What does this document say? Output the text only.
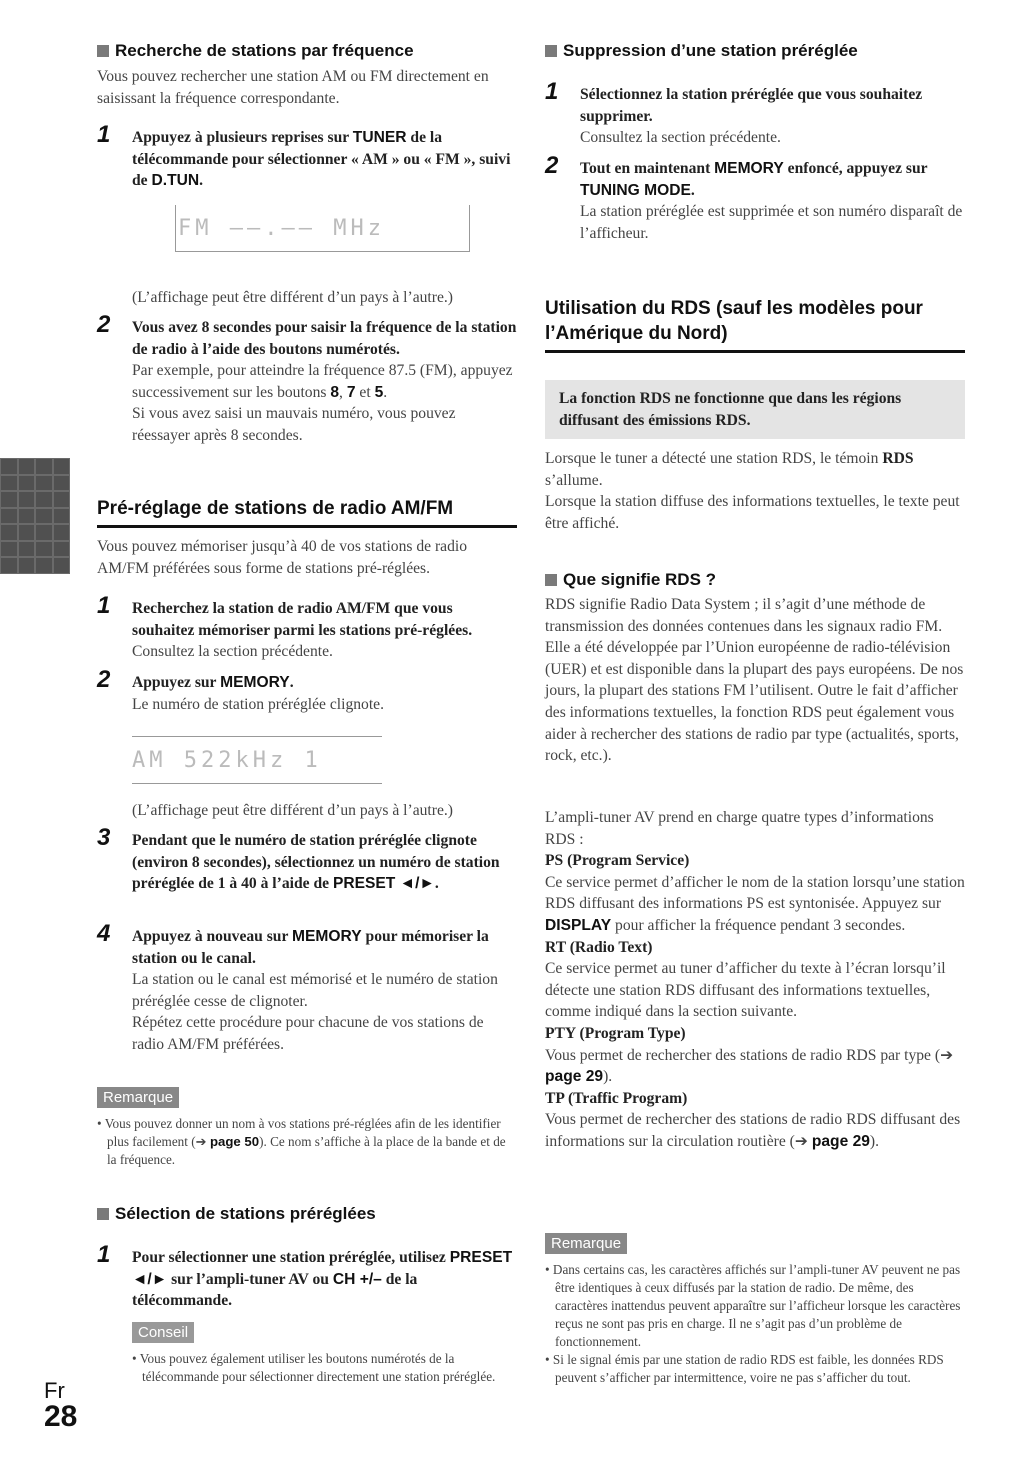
Recherche de stations par fréquence
Vous pouvez rechercher une station AM ou FM directement en saisissant la fréquence correspondante.
1 Appuyez à plusieurs reprises sur TUNER de la télécommande pour sélectionner « AM » ou « FM », suivi de D.TUN.
FM ‒‒.‒‒ MHz
(L’affichage peut être différent d’un pays à l’autre.)
2 Vous avez 8 secondes pour saisir la fréquence de la station de radio à l’aide des boutons numérotés.

Par exemple, pour atteindre la fréquence 87.5 (FM), appuyez successivement sur les boutons 8, 7 et 5.

Si vous avez saisi un mauvais numéro, vous pouvez réessayer après 8 secondes.

Pré-réglage de stations de radio AM/FM
Vous pouvez mémoriser jusqu’à 40 de vos stations de radio AM/FM préférées sous forme de stations pré-réglées.
1 Recherchez la station de radio AM/FM que vous souhaitez mémoriser parmi les stations pré-réglées.

Consultez la section précédente.

2 Appuyez sur MEMORY.

Le numéro de station préréglée clignote.

AM 522kHz 1
(L’affichage peut être différent d’un pays à l’autre.)
3 Pendant que le numéro de station préréglée clignote (environ 8 secondes), sélectionnez un numéro de station préréglée de 1 à 40 à l’aide de PRESET ◄/►.
4 Appuyez à nouveau sur MEMORY pour mémoriser la station ou le canal.

La station ou le canal est mémorisé et le numéro de station préréglée cesse de clignoter.

Répétez cette procédure pour chacune de vos stations de radio AM/FM préférées.

Remarque
• Vous pouvez donner un nom à vos stations pré-réglées afin de les identifier plus facilement (➔ page 50). Ce nom s’affiche à la place de la bande et de la fréquence.
Sélection de stations préréglées
1 Pour sélectionner une station préréglée, utilisez PRESET ◄/► sur l’ampli-tuner AV ou CH +/– de la télécommande.
Conseil
• Vous pouvez également utiliser les boutons numérotés de la télécommande pour sélectionner directement une station préréglée.
Suppression d’une station préréglée
1 Sélectionnez la station préréglée que vous souhaitez supprimer.

Consultez la section précédente.

2 Tout en maintenant MEMORY enfoncé, appuyez sur TUNING MODE.

La station préréglée est supprimée et son numéro disparaît de l’afficheur.

Utilisation du RDS (sauf les modèles pour l’Amérique du Nord)
La fonction RDS ne fonctionne que dans les régions diffusant des émissions RDS.

Lorsque le tuner a détecté une station RDS, le témoin RDS s’allume.

Lorsque la station diffuse des informations textuelles, le texte peut être affiché.

Que signifie RDS ?
RDS signifie Radio Data System ; il s’agit d’une méthode de transmission des données contenues dans les signaux radio FM. Elle a été développée par l’Union européenne de radio-télévision (UER) et est disponible dans la plupart des pays européens. De nos jours, la plupart des stations FM l’utilisent. Outre le fait d’afficher des informations textuelles, la fonction RDS peut également vous aider à rechercher des stations de radio par type (actualités, sports, rock, etc.).

L’ampli-tuner AV prend en charge quatre types d’informations RDS :

PS (Program Service)

Ce service permet d’afficher le nom de la station lorsqu’une station RDS diffusant des informations PS est syntonisée. Appuyez sur DISPLAY pour afficher la fréquence pendant 3 secondes.

RT (Radio Text)

Ce service permet au tuner d’afficher du texte à l’écran lorsqu’il détecte une station RDS diffusant des informations textuelles, comme indiqué dans la section suivante.

PTY (Program Type)

Vous permet de rechercher des stations de radio RDS par type (➔ page 29).

TP (Traffic Program)

Vous permet de rechercher des stations de radio RDS diffusant des informations sur la circulation routière (➔ page 29).

Remarque
• Dans certains cas, les caractères affichés sur l’ampli-tuner AV peuvent ne pas être identiques à ceux diffusés par la station de radio. De même, des caractères inattendus peuvent apparaître sur l’afficheur lorsque les caractères reçus ne sont pas pris en charge. Il ne s’agit pas d’un problème de fonctionnement.
• Si le signal émis par une station de radio RDS est faible, les données RDS peuvent s’afficher par intermittence, voire ne pas s’afficher du tout.
Fr
28
